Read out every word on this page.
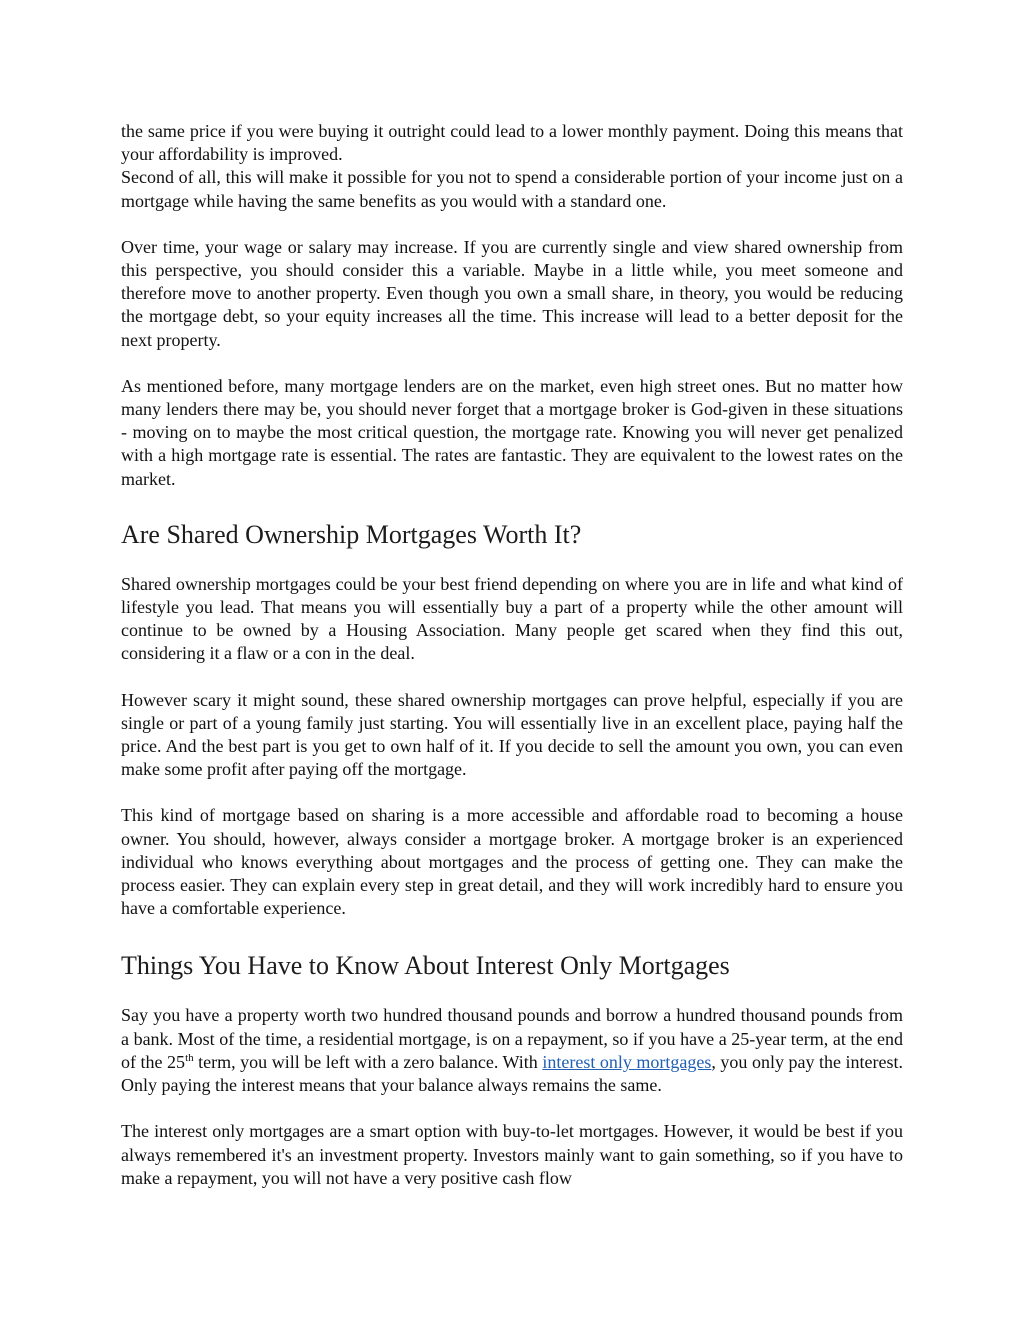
the same price if you were buying it outright could lead to a lower monthly payment. Doing this means that your affordability is improved.

Second of all, this will make it possible for you not to spend a considerable portion of your income just on a mortgage while having the same benefits as you would with a standard one.

Over time, your wage or salary may increase. If you are currently single and view shared ownership from this perspective, you should consider this a variable. Maybe in a little while, you meet someone and therefore move to another property. Even though you own a small share, in theory, you would be reducing the mortgage debt, so your equity increases all the time. This increase will lead to a better deposit for the next property.

As mentioned before, many mortgage lenders are on the market, even high street ones. But no matter how many lenders there may be, you should never forget that a mortgage broker is God-given in these situations - moving on to maybe the most critical question, the mortgage rate. Knowing you will never get penalized with a high mortgage rate is essential. The rates are fantastic. They are equivalent to the lowest rates on the market.

Are Shared Ownership Mortgages Worth It?

Shared ownership mortgages could be your best friend depending on where you are in life and what kind of lifestyle you lead. That means you will essentially buy a part of a property while the other amount will continue to be owned by a Housing Association. Many people get scared when they find this out, considering it a flaw or a con in the deal.

However scary it might sound, these shared ownership mortgages can prove helpful, especially if you are single or part of a young family just starting. You will essentially live in an excellent place, paying half the price. And the best part is you get to own half of it. If you decide to sell the amount you own, you can even make some profit after paying off the mortgage.

This kind of mortgage based on sharing is a more accessible and affordable road to becoming a house owner. You should, however, always consider a mortgage broker. A mortgage broker is an experienced individual who knows everything about mortgages and the process of getting one. They can make the process easier. They can explain every step in great detail, and they will work incredibly hard to ensure you have a comfortable experience.

Things You Have to Know About Interest Only Mortgages

Say you have a property worth two hundred thousand pounds and borrow a hundred thousand pounds from a bank. Most of the time, a residential mortgage, is on a repayment, so if you have a 25-year term, at the end of the 25th term, you will be left with a zero balance. With interest only mortgages, you only pay the interest. Only paying the interest means that your balance always remains the same.

The interest only mortgages are a smart option with buy-to-let mortgages. However, it would be best if you always remembered it's an investment property. Investors mainly want to gain something, so if you have to make a repayment, you will not have a very positive cash flow
